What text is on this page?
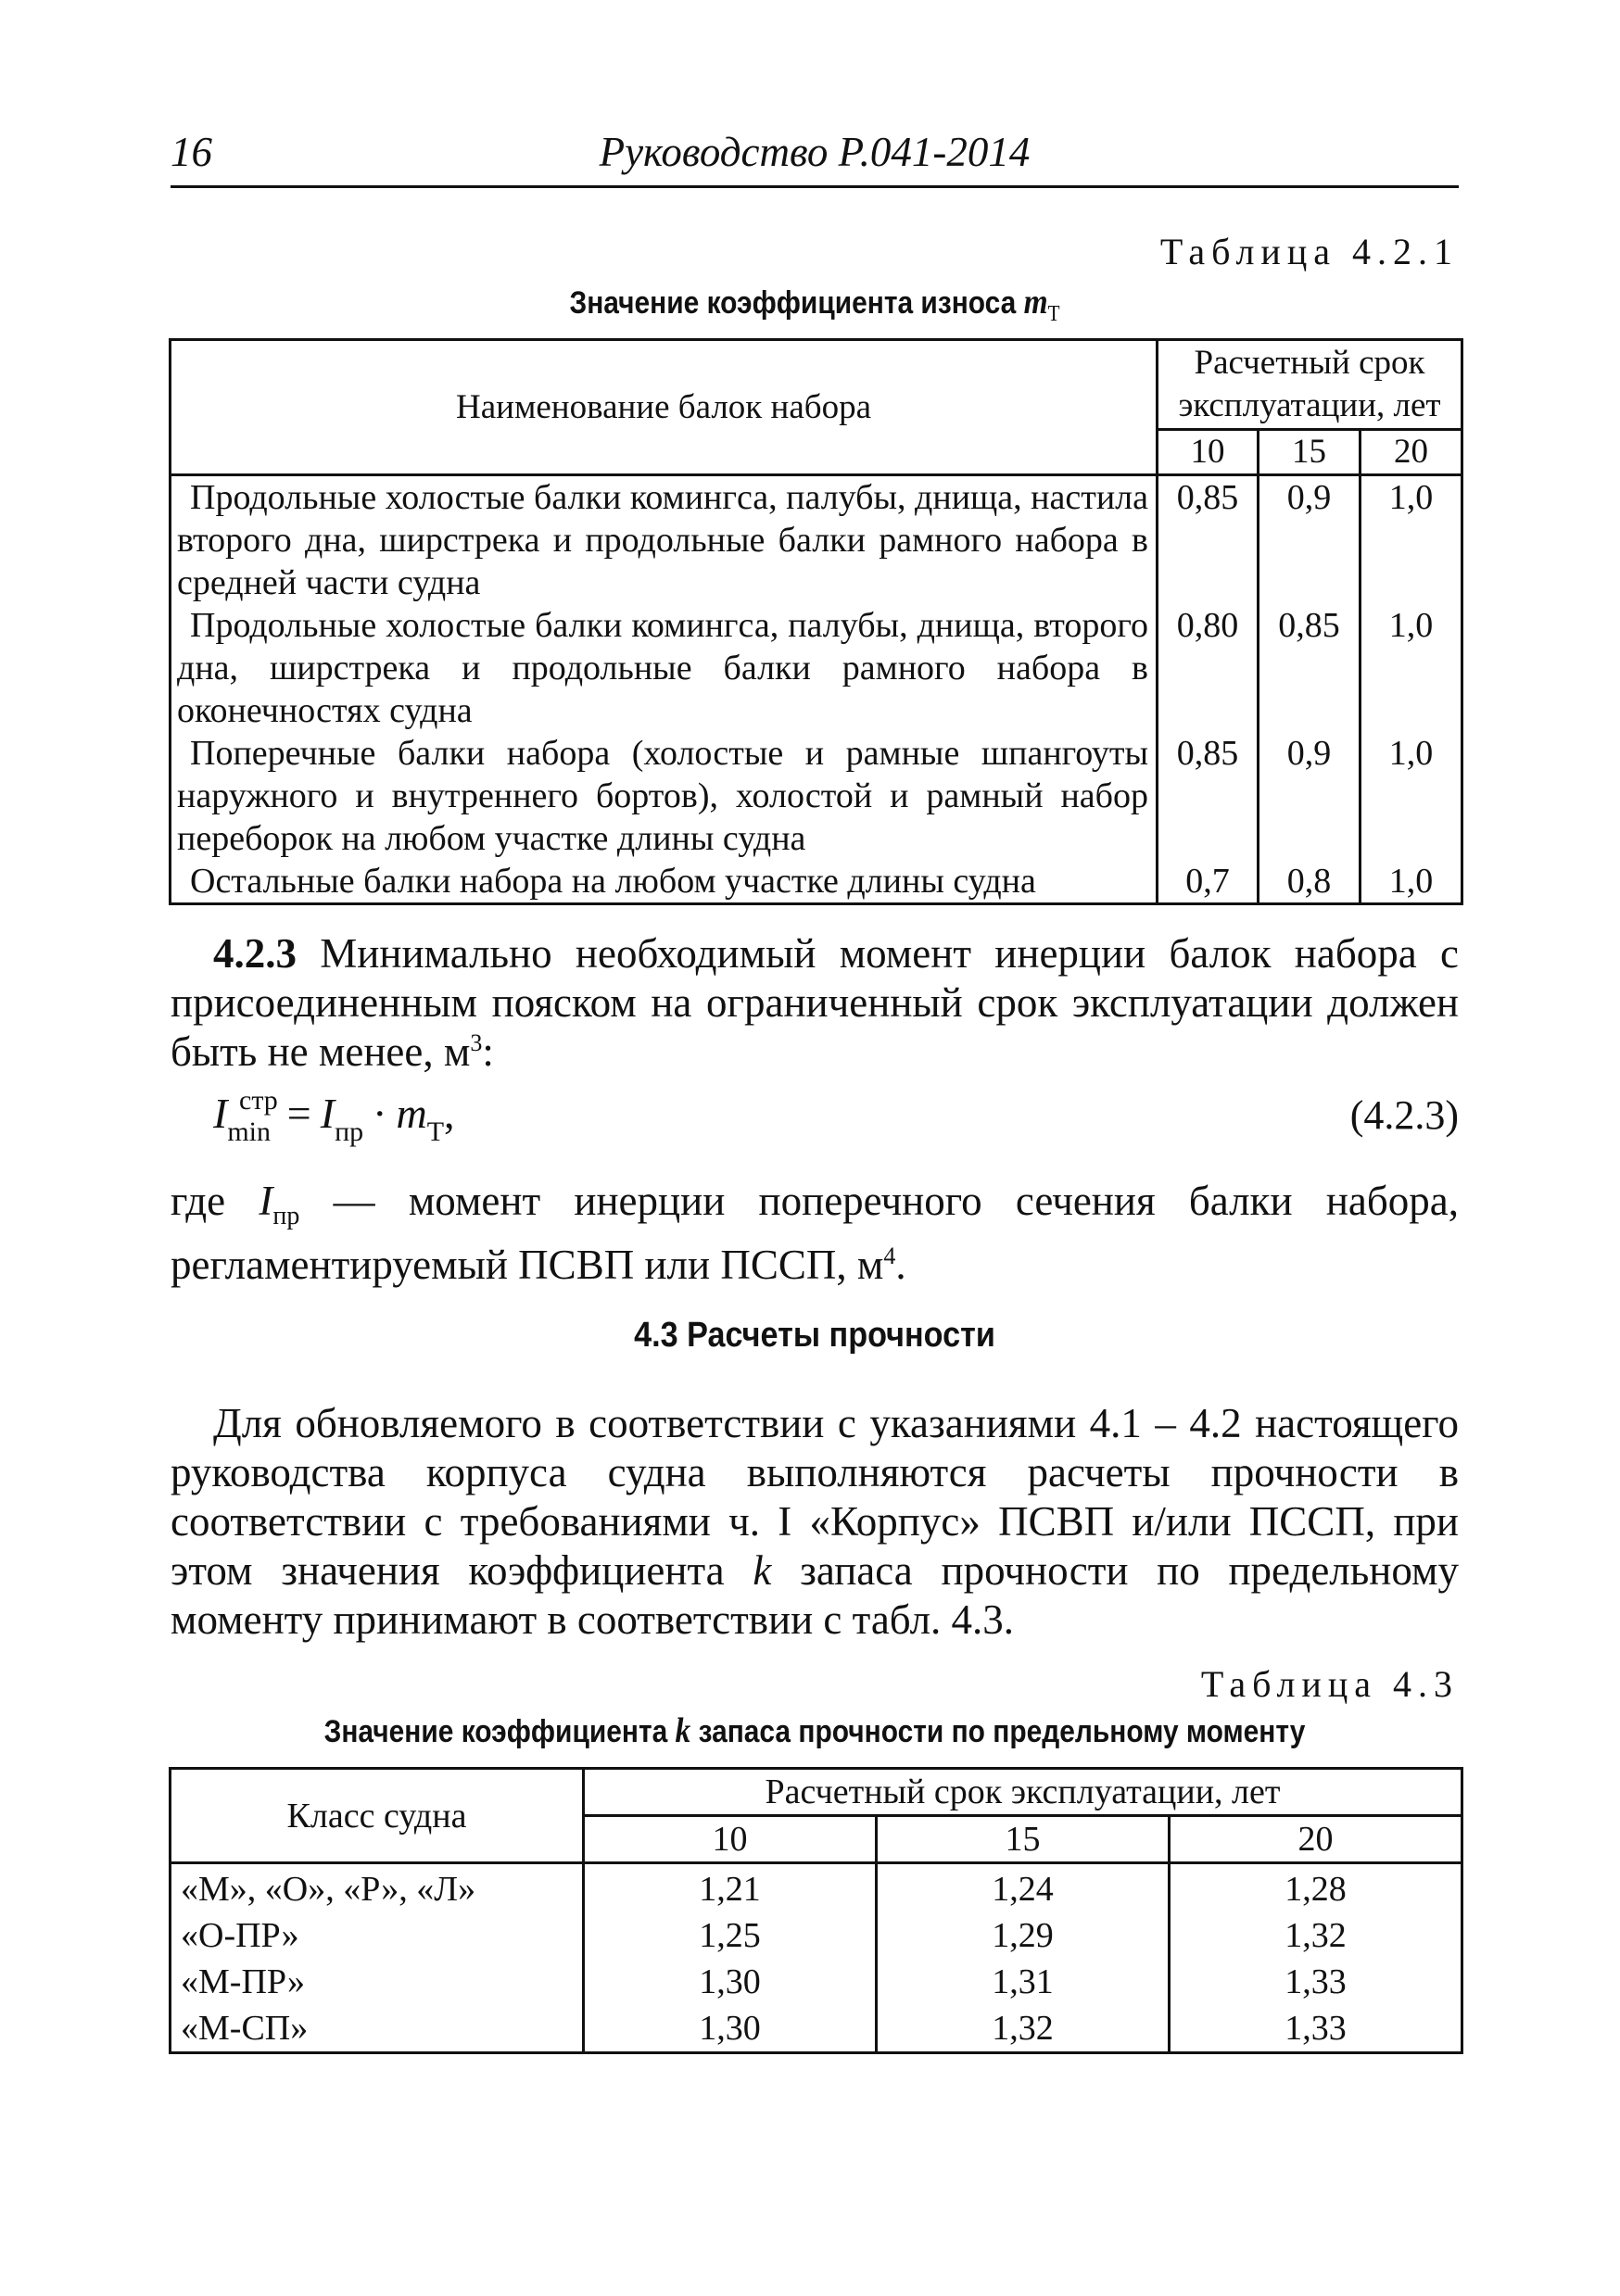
16	Руководство Р.041-2014
Таблица 4.2.1
Значение коэффициента износа $m_Т$
Наименование балок набора	Расчетный срок эксплуатации, лет		
	10	15	20
Продольные холостые балки комингса, палубы, днища, настила второго дна, ширстрека и продольные балки рамного набора в средней части судна	0,85	0,9	1,0
Продольные холостые балки комингса, палубы, днища, второго дна, ширстрека и продольные балки рамного набора в оконечностях судна	0,80	0,85	1,0
Поперечные балки набора (холостые и рамные шпангоуты наружного и внутреннего бортов), холостой и рамный набор переборок на любом участке длины судна	0,85	0,9	1,0
Остальные балки набора на любом участке длины судна	0,7	0,8	1,0
4.2.3 Минимально необходимый момент инерции балок набора с присоединенным пояском на ограниченный срок эксплуатации должен быть не менее, $м^3$:
$I_{min}^{стр} = I_{пр} \cdot m_Т$,	(4.2.3)
где $I_{пр}$ — момент инерции поперечного сечения балки набора, регламентируемый ПСВП или ПССП, $м^4$.
4.3 Расчеты прочности
Для обновляемого в соответствии с указаниями 4.1 – 4.2 настоящего руководства корпуса судна выполняются расчеты прочности в соответствии с требованиями ч. I «Корпус» ПСВП и/или ПССП, при этом значения коэффициента k запаса прочности по предельному моменту принимают в соответствии с табл. 4.3.
Таблица 4.3
Значение коэффициента k запаса прочности по предельному моменту
Класс судна	Расчетный срок эксплуатации, лет		
	10	15	20
«М», «О», «Р», «Л»	1,21	1,24	1,28
«О-ПР»	1,25	1,29	1,32
«М-ПР»	1,30	1,31	1,33
«М-СП»	1,30	1,32	1,33
